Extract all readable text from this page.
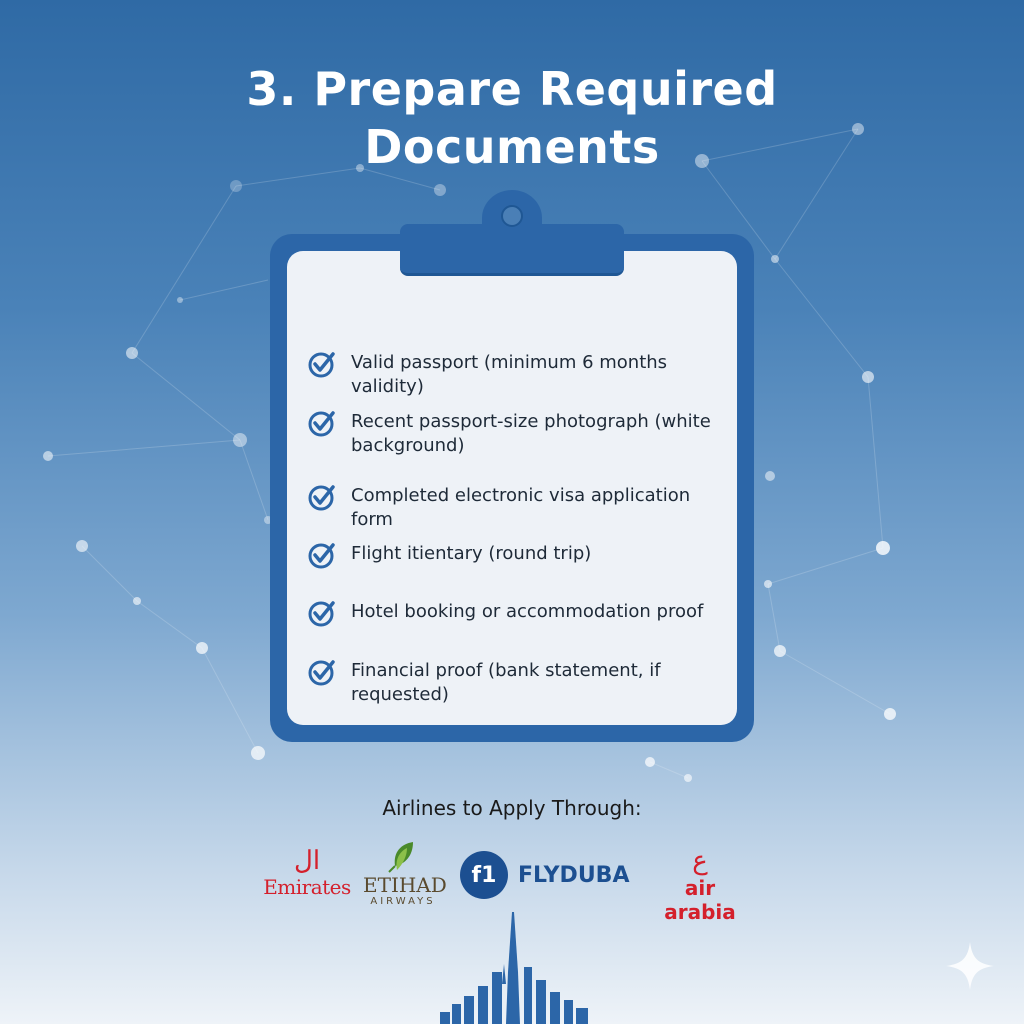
3. Prepare Required
Documents
Valid passport (minimum 6 months validity)
Recent passport-size photograph (white background)
Completed electronic visa application form
Flight itientary (round trip)
Hotel booking or accommodation proof
Financial proof (bank statement, if requested)
Airlines to Apply Through:
ال
Emirates ETIHAD
AIRWAYS
f1 FLYDUBA	ع
air arabia
